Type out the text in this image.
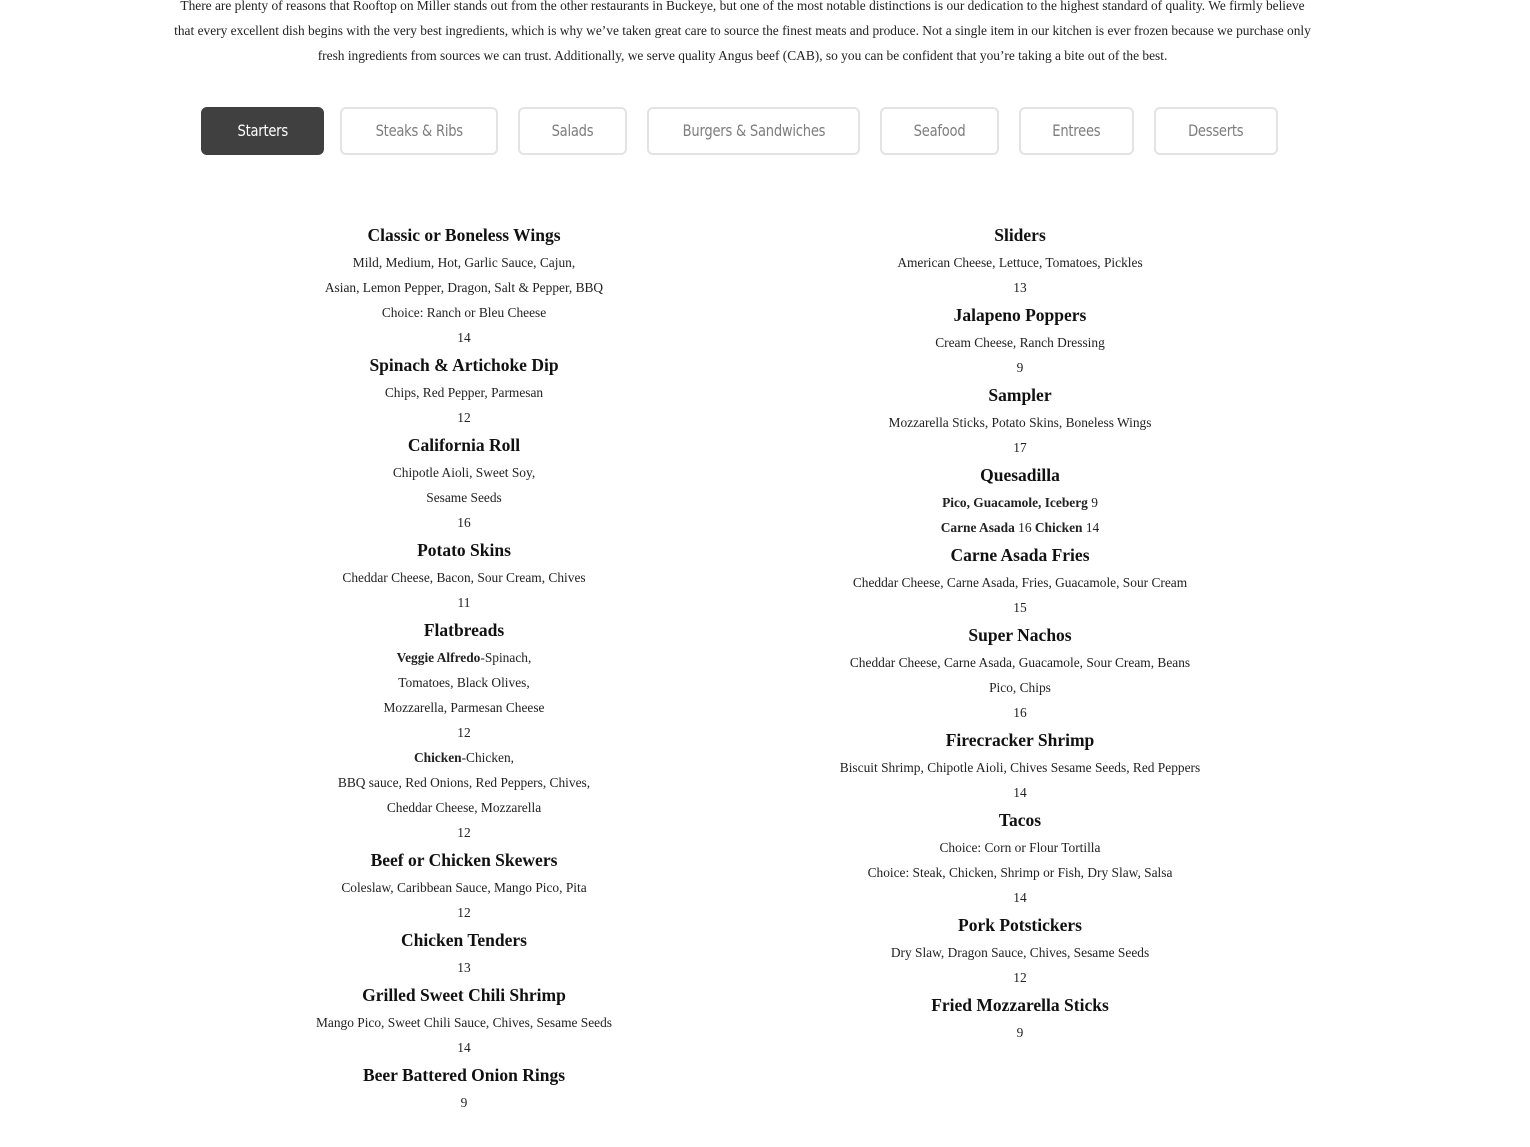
There are plenty of reasons that Rooftop on Miller stands out from the other restaurants in Buckeye, but one of the most notable distinctions is our dedication to the highest standard of quality. We firmly believe that every excellent dish begins with the very best ingredients, which is why we’ve taken great care to source the finest meats and produce. Not a single item in our kitchen is ever frozen because we purchase only fresh ingredients from sources we can trust. Additionally, we serve quality Angus beef (CAB), so you can be confident that you’re taking a bite out of the best.

Starters	Steaks & Ribs	Salads	Burgers & Sandwiches	Seafood	Entrees	Desserts

Classic or Boneless Wings

Mild, Medium, Hot, Garlic Sauce, Cajun,

Asian, Lemon Pepper, Dragon, Salt & Pepper, BBQ

Choice: Ranch or Bleu Cheese

14

Spinach & Artichoke Dip

Chips, Red Pepper, Parmesan

12

California Roll

Chipotle Aioli, Sweet Soy,

Sesame Seeds

16

Potato Skins

Cheddar Cheese, Bacon, Sour Cream, Chives

11

Flatbreads

Veggie Alfredo-Spinach,

Tomatoes, Black Olives,

Mozzarella, Parmesan Cheese

12

Chicken-Chicken,

BBQ sauce, Red Onions, Red Peppers, Chives,

Cheddar Cheese, Mozzarella

12

Beef or Chicken Skewers

Coleslaw, Caribbean Sauce, Mango Pico, Pita

12

Chicken Tenders

13

Grilled Sweet Chili Shrimp

Mango Pico, Sweet Chili Sauce, Chives, Sesame Seeds

14

Beer Battered Onion Rings

9

Sliders

American Cheese, Lettuce, Tomatoes, Pickles

13

Jalapeno Poppers

Cream Cheese, Ranch Dressing

9

Sampler

Mozzarella Sticks, Potato Skins, Boneless Wings

17

Quesadilla

Pico, Guacamole, Iceberg 9

Carne Asada 16 Chicken 14

Carne Asada Fries

Cheddar Cheese, Carne Asada, Fries, Guacamole, Sour Cream

15

Super Nachos

Cheddar Cheese, Carne Asada, Guacamole, Sour Cream, Beans

Pico, Chips

16

Firecracker Shrimp

Biscuit Shrimp, Chipotle Aioli, Chives Sesame Seeds, Red Peppers

14

Tacos

Choice: Corn or Flour Tortilla

Choice: Steak, Chicken, Shrimp or Fish, Dry Slaw, Salsa

14

Pork Potstickers

Dry Slaw, Dragon Sauce, Chives, Sesame Seeds

12

Fried Mozzarella Sticks

9
